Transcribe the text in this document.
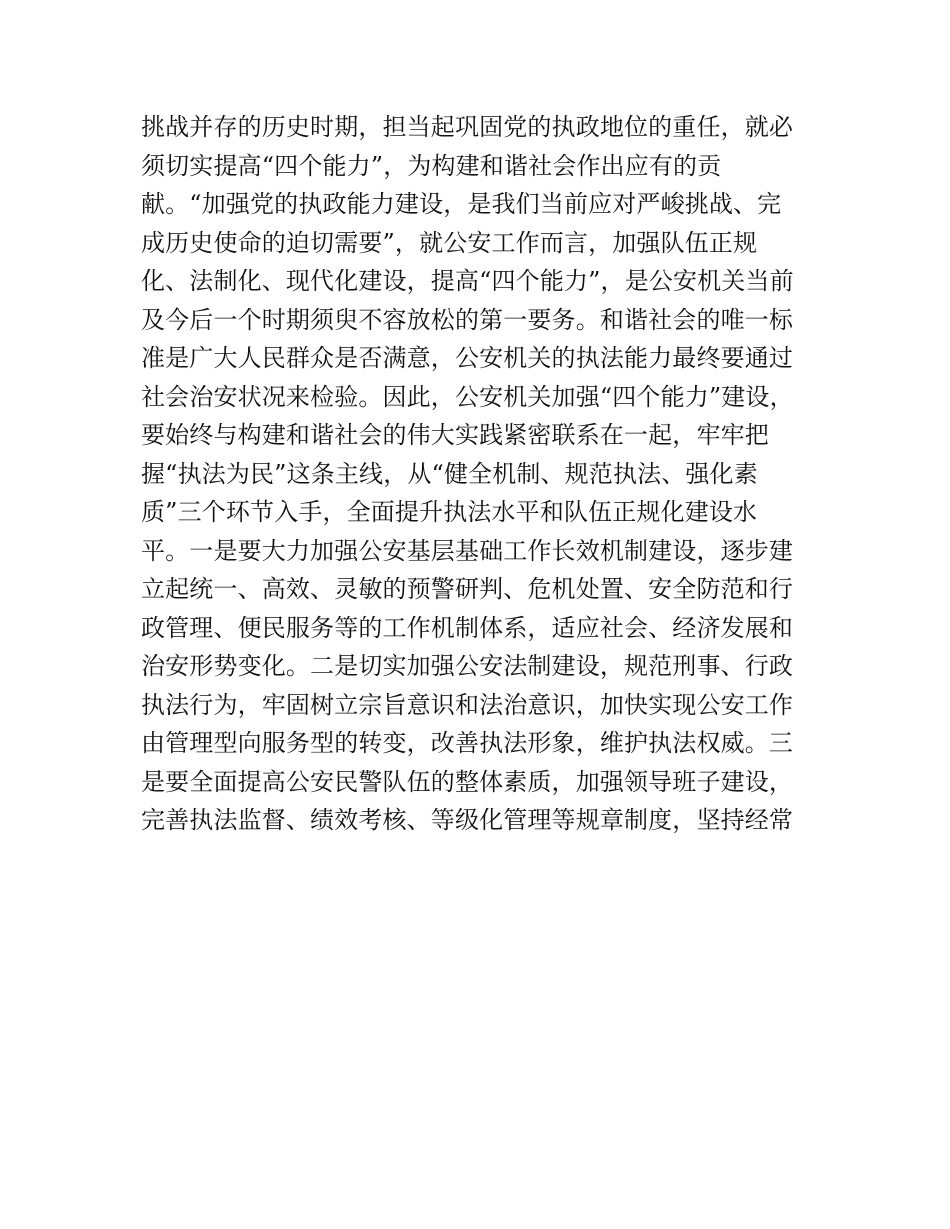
挑战并存的历史时期，担当起巩固党的执政地位的重任，就必
须切实提高“四个能力”，为构建和谐社会作出应有的贡
献。“加强党的执政能力建设，是我们当前应对严峻挑战、完
成历史使命的迫切需要”，就公安工作而言，加强队伍正规
化、法制化、现代化建设，提高“四个能力”，是公安机关当前
及今后一个时期须臾不容放松的第一要务。和谐社会的唯一标
准是广大人民群众是否满意，公安机关的执法能力最终要通过
社会治安状况来检验。因此，公安机关加强“四个能力”建设，
要始终与构建和谐社会的伟大实践紧密联系在一起，牢牢把
握“执法为民”这条主线，从“健全机制、规范执法、强化素
质”三个环节入手，全面提升执法水平和队伍正规化建设水
平。一是要大力加强公安基层基础工作长效机制建设，逐步建
立起统一、高效、灵敏的预警研判、危机处置、安全防范和行
政管理、便民服务等的工作机制体系，适应社会、经济发展和
治安形势变化。二是切实加强公安法制建设，规范刑事、行政
执法行为，牢固树立宗旨意识和法治意识，加快实现公安工作
由管理型向服务型的转变，改善执法形象，维护执法权威。三
是要全面提高公安民警队伍的整体素质，加强领导班子建设，
完善执法监督、绩效考核、等级化管理等规章制度，坚持经常
